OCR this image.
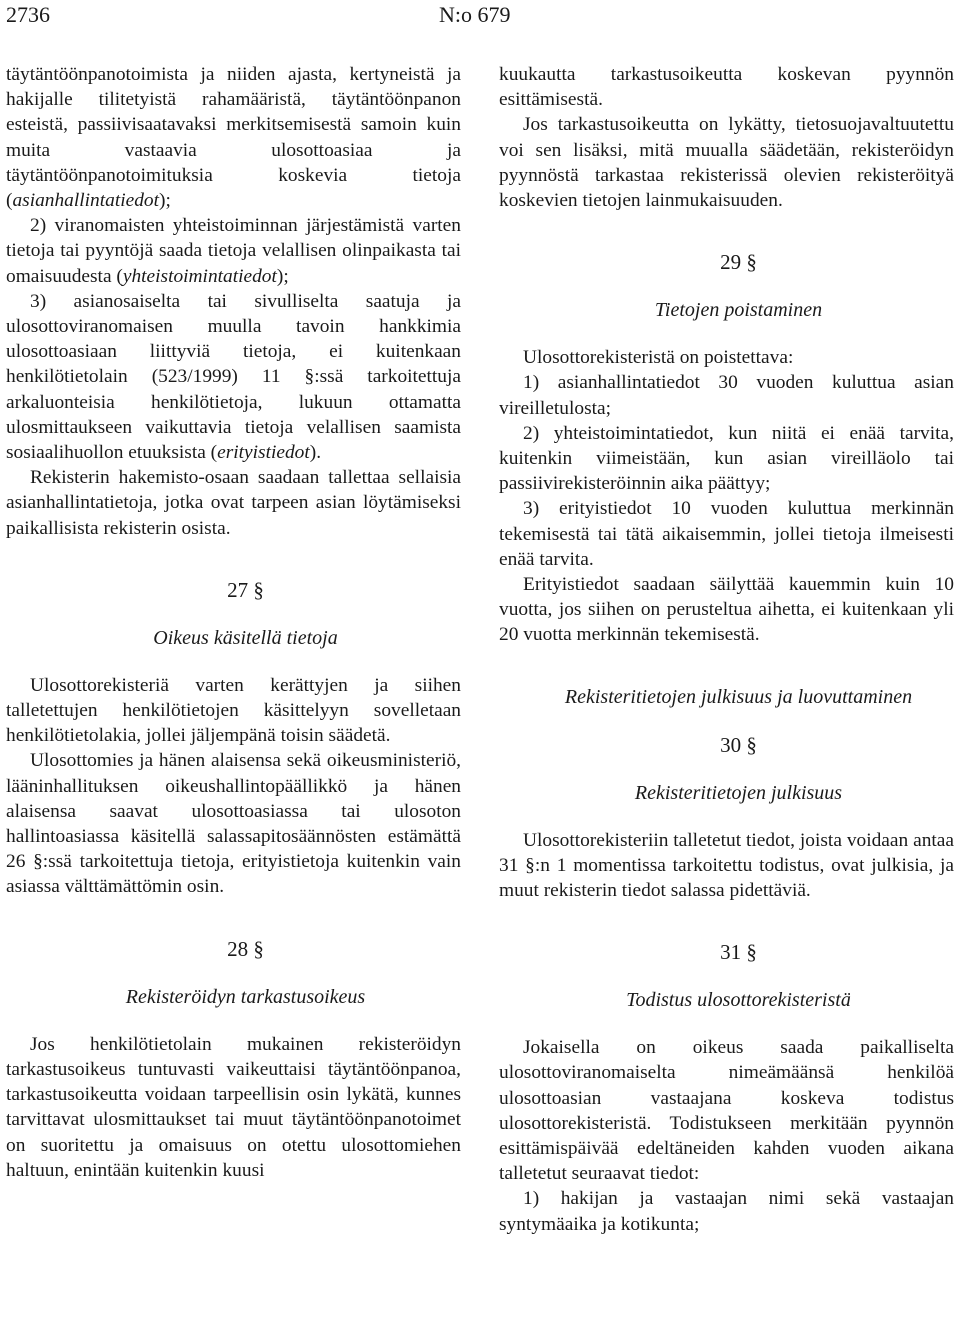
2736	N:o 679

täytäntöönpanotoimista ja niiden ajasta, kertyneistä ja hakijalle tilitetyistä rahamääristä, täytäntöönpanon esteistä, passiivisaatavaksi merkitsemisestä samoin kuin muita vastaavia ulosottoasiaa ja täytäntöönpanotoimituksia koskevia tietoja (asianhallintatiedot);

2) viranomaisten yhteistoiminnan järjestämistä varten tietoja tai pyyntöjä saada tietoja velallisen olinpaikasta tai omaisuudesta (yhteistoimintatiedot);

3) asianosaiselta tai sivulliselta saatuja ja ulosottoviranomaisen muulla tavoin hankkimia ulosottoasiaan liittyviä tietoja, ei kuitenkaan henkilötietolain (523/1999) 11 §:ssä tarkoitettuja arkaluonteisia henkilötietoja, lukuun ottamatta ulosmittaukseen vaikuttavia tietoja velallisen saamista sosiaalihuollon etuuksista (erityistiedot).

Rekisterin hakemisto-osaan saadaan tallettaa sellaisia asianhallintatietoja, jotka ovat tarpeen asian löytämiseksi paikallisista rekisterin osista.

27 §

Oikeus käsitellä tietoja

Ulosottorekisteriä varten kerättyjen ja siihen talletettujen henkilötietojen käsittelyyn sovelletaan henkilötietolakia, jollei jäljempänä toisin säädetä.

Ulosottomies ja hänen alaisensa sekä oikeusministeriö, lääninhallituksen oikeushallintopäällikkö ja hänen alaisensa saavat ulosottoasiassa tai ulosoton hallintoasiassa käsitellä salassapitosäännösten estämättä 26 §:ssä tarkoitettuja tietoja, erityistietoja kuitenkin vain asiassa välttämättömin osin.

28 §

Rekisteröidyn tarkastusoikeus

Jos henkilötietolain mukainen rekisteröidyn tarkastusoikeus tuntuvasti vaikeuttaisi täytäntöönpanoa, tarkastusoikeutta voidaan tarpeellisin osin lykätä, kunnes tarvittavat ulosmittaukset tai muut täytäntöönpanotoimet on suoritettu ja omaisuus on otettu ulosottomiehen haltuun, enintään kuitenkin kuusi

kuukautta tarkastusoikeutta koskevan pyynnön esittämisestä.

Jos tarkastusoikeutta on lykätty, tietosuojavaltuutettu voi sen lisäksi, mitä muualla säädetään, rekisteröidyn pyynnöstä tarkastaa rekisterissä olevien rekisteröityä koskevien tietojen lainmukaisuuden.

29 §

Tietojen poistaminen

Ulosottorekisteristä on poistettava:

1) asianhallintatiedot 30 vuoden kuluttua asian vireilletulosta;

2) yhteistoimintatiedot, kun niitä ei enää tarvita, kuitenkin viimeistään, kun asian vireilläolo tai passiivirekisteröinnin aika päättyy;

3) erityistiedot 10 vuoden kuluttua merkinnän tekemisestä tai tätä aikaisemmin, jollei tietoja ilmeisesti enää tarvita.

Erityistiedot saadaan säilyttää kauemmin kuin 10 vuotta, jos siihen on perusteltua aihetta, ei kuitenkaan yli 20 vuotta merkinnän tekemisestä.

Rekisteritietojen julkisuus ja luovuttaminen

30 §

Rekisteritietojen julkisuus

Ulosottorekisteriin talletetut tiedot, joista voidaan antaa 31 §:n 1 momentissa tarkoitettu todistus, ovat julkisia, ja muut rekisterin tiedot salassa pidettäviä.

31 §

Todistus ulosottorekisteristä

Jokaisella on oikeus saada paikalliselta ulosottoviranomaiselta nimeämäänsä henkilöä ulosottoasian vastaajana koskeva todistus ulosottorekisteristä. Todistukseen merkitään pyynnön esittämispäivää edeltäneiden kahden vuoden aikana talletetut seuraavat tiedot:

1) hakijan ja vastaajan nimi sekä vastaajan syntymäaika ja kotikunta;
